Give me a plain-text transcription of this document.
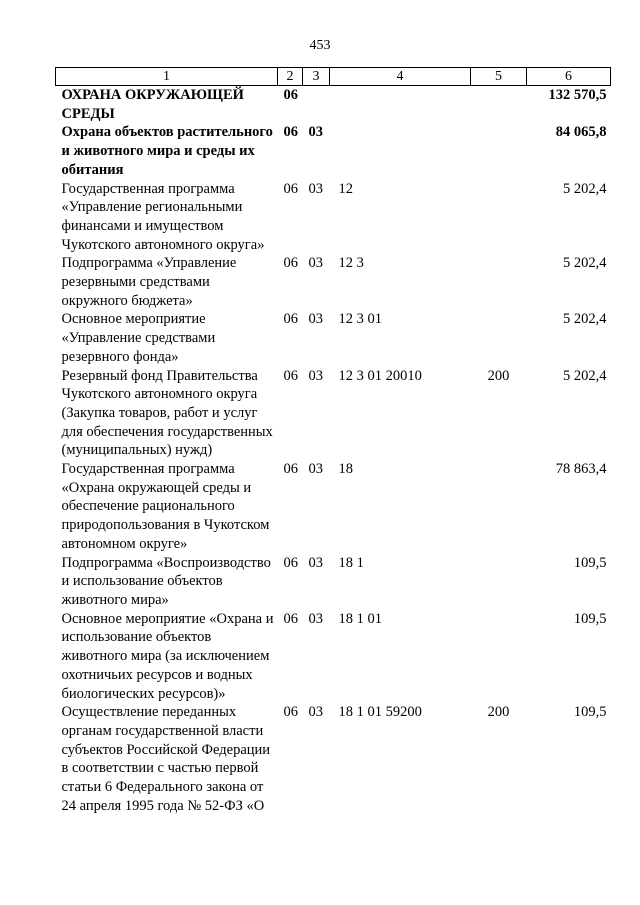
453
1	2	3	4	5	6
ОХРАНА ОКРУЖАЮЩЕЙ СРЕДЫ	06				132 570,5
Охрана объектов растительного и животного мира и среды их обитания	06	03			84 065,8
Государственная программа «Управление региональными финансами и имуществом Чукотского автономного округа»	06	03	12		5 202,4
Подпрограмма «Управление резервными средствами окружного бюджета»	06	03	12 3		5 202,4
Основное мероприятие «Управление средствами резервного фонда»	06	03	12 3 01		5 202,4
Резервный фонд Правительства Чукотского автономного округа (Закупка товаров, работ и услуг для обеспечения государственных (муниципальных) нужд)	06	03	12 3 01 20010	200	5 202,4
Государственная программа «Охрана окружающей среды и обеспечение рационального природопользования в Чукотском автономном округе»	06	03	18		78 863,4
Подпрограмма «Воспроизводство и использование объектов животного мира»	06	03	18 1		109,5
Основное мероприятие «Охрана и использование объектов животного мира (за исключением охотничьих ресурсов и водных биологических ресурсов)»	06	03	18 1 01		109,5
Осуществление переданных органам государственной власти субъектов Российской Федерации в соответствии с частью первой статьи 6 Федерального закона от 24 апреля 1995 года № 52-ФЗ «О	06	03	18 1 01 59200	200	109,5
